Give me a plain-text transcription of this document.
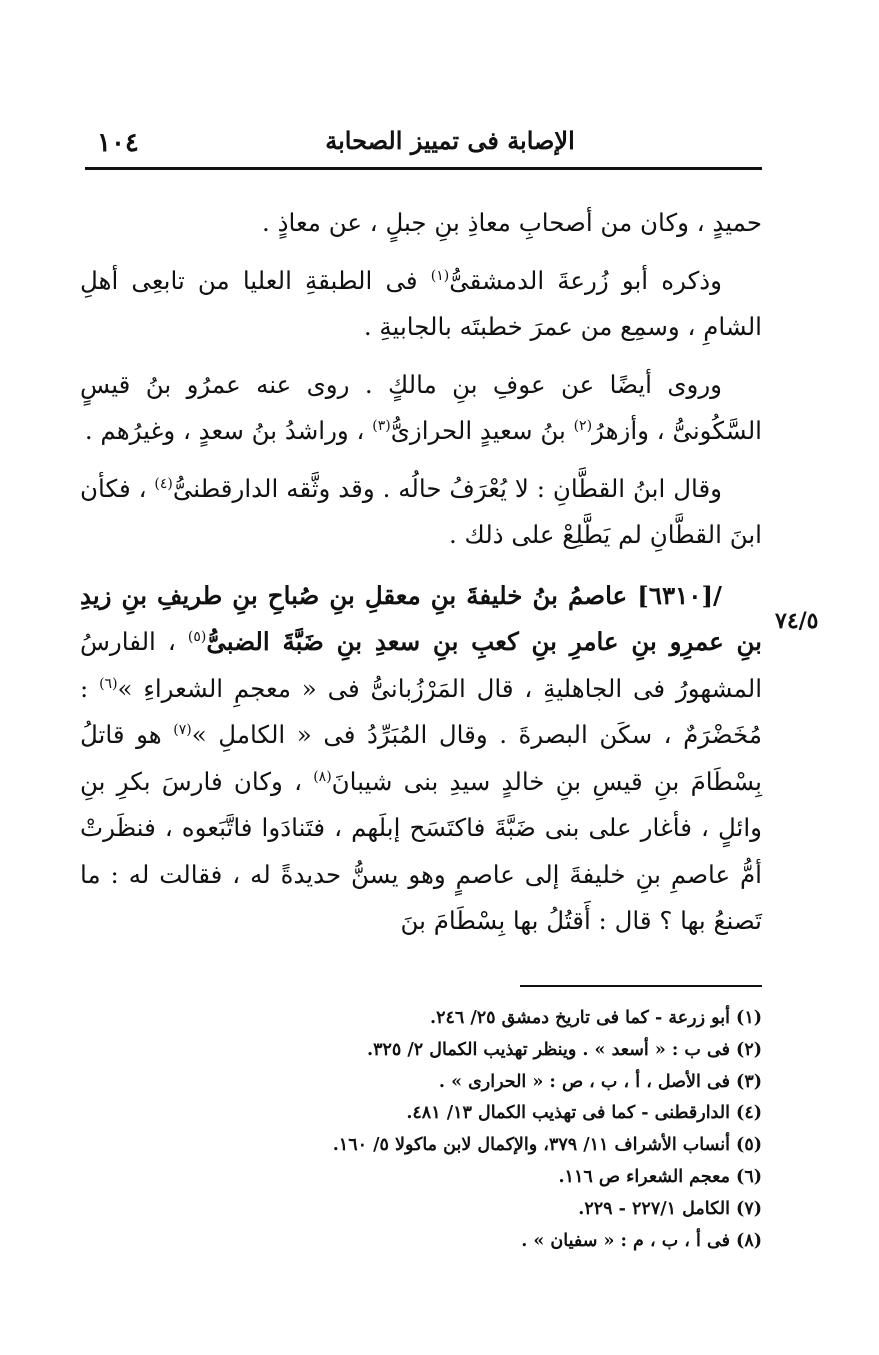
١٠٤	الإصابة فى تمييز الصحابة
٧٤/٥

حميدٍ ، وكان من أصحابِ معاذِ بنِ جبلٍ ، عن معاذٍ .

وذكره أبو زُرعةَ الدمشقىُّ$^{(١)}$ فى الطبقةِ العليا من تابعِى أهلِ الشامِ ، وسمِع من عمرَ خطبتَه بالجابيةِ .

وروى أيضًا عن عوفِ بنِ مالكٍ . روى عنه عمرُو بنُ قيسٍ السَّكُونىُّ ، وأزهرُ$^{(٢)}$ بنُ سعيدٍ الحرازىُّ$^{(٣)}$ ، وراشدُ بنُ سعدٍ ، وغيرُهم .

وقال ابنُ القطَّانِ : لا يُعْرَفُ حالُه . وقد وثَّقه الدارقطنىُّ$^{(٤)}$ ، فكأن ابنَ القطَّانِ لم يَطَّلِعْ على ذلك .

/[٦٣١٠] عاصمُ بنُ خليفةَ بنِ معقلِ بنِ صُباحِ بنِ طريفِ بنِ زيدِ بنِ عمرِو بنِ عامرِ بنِ كعبِ بنِ سعدِ بنِ ضَبَّةَ الضبىُّ$^{(٥)}$ ، الفارسُ المشهورُ فى الجاهليةِ ، قال المَرْزُبانىُّ فى « معجمِ الشعراءِ »$^{(٦)}$ : مُخَضْرَمٌ ، سكَن البصرةَ . وقال المُبَرِّدُ فى « الكاملِ »$^{(٧)}$ هو قاتلُ بِسْطَامَ بنِ قيسِ بنِ خالدٍ سيدِ بنى شيبانَ$^{(٨)}$ ، وكان فارسَ بكرِ بنِ وائلٍ ، فأغار على بنى ضَبَّةَ فاكتَسَح إبلَهم ، فتَنادَوا فاتَّبَعوه ، فنظَرتْ أمُّ عاصمِ بنِ خليفةَ إلى عاصمٍ وهو يسنُّ حديدةً له ، فقالت له : ما تَصنعُ بها ؟ قال : أَقتُلُ بها بِسْطَامَ بنَ

(١) أبو زرعة - كما فى تاريخ دمشق ٢٥/ ٢٤٦.
(٢) فى ب : « أسعد » . وينظر تهذيب الكمال ٢/ ٣٢٥.
(٣) فى الأصل ، أ ، ب ، ص : « الحرارى » .
(٤) الدارقطنى - كما فى تهذيب الكمال ١٣/ ٤٨١.
(٥) أنساب الأشراف ١١/ ٣٧٩، والإكمال لابن ماكولا ٥/ ١٦٠.
(٦) معجم الشعراء ص ١١٦.
(٧) الكامل ٢٢٧/١ - ٢٢٩.
(٨) فى أ ، ب ، م : « سفيان » .
